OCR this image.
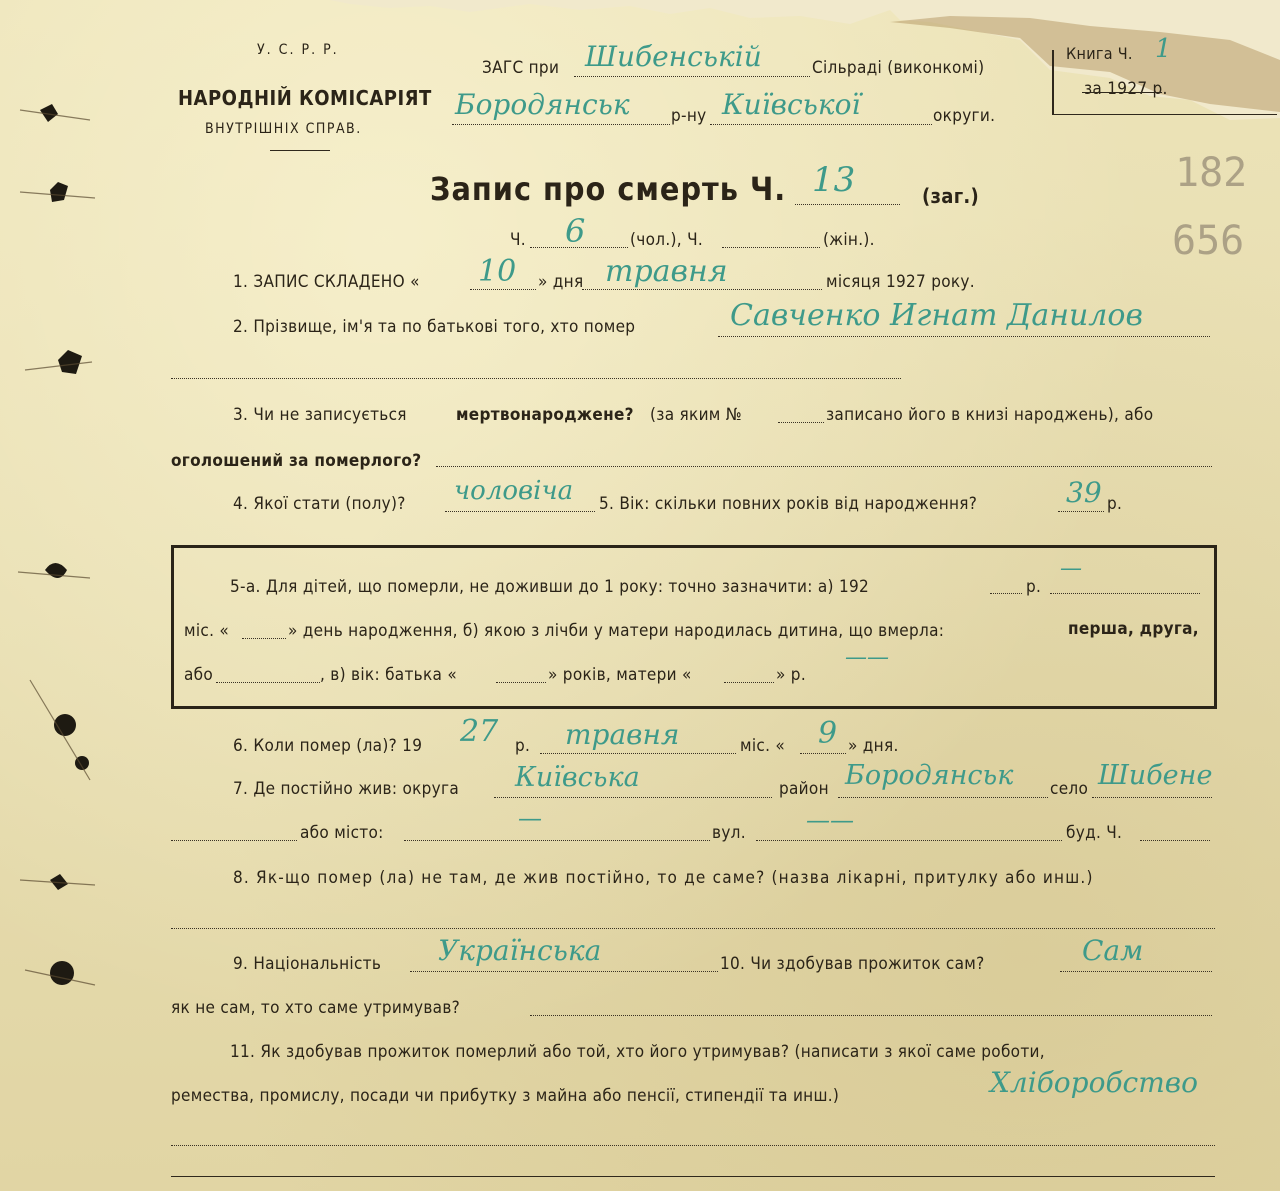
182
656
У. С. Р. Р.
НАРОДНІЙ КОМІСАРІЯТ
ВНУТРІШНІХ СПРАВ.
ЗАГС при Шибенській	Сільраді (виконкомі)
Бородянськ р-ну Київської	округи.
Книга Ч. 1
за 1927 р.
Запис про смерть Ч. 13	(заг.)
Ч. 6	(чол.), Ч.	(жін.).
1. ЗАПИС СКЛАДЕНО « 10 » дня травня	місяця 1927 року.
2. Прізвище, ім'я та по батькові того, хто помер	Савченко Игнат Данилов
3. Чи не записується	мертвонароджене? (за яким №	записано його в книзі народжень), або
оголошений за померлого?
4. Якої стати (полу)? чоловіча 5. Вік: скільки повних років від народження?	39 р.
5-а. Для дітей, що померли, не доживши до 1 року: точно зазначити: а) 192	р.
—
міс. «	» день народження, б) якою з лічби у матери народилась дитина, що вмерла:	перша, друга,
або	, в) вік: батька «	» років, матери «	» р.
——
6. Коли помер (ла)? 19 27 р. травня	міс. « 9 » дня.
7. Де постійно жив: округа Київська	район Бородянськ село Шибене
або місто:
—
вул.	——	буд. Ч.
8. Як-що помер (ла) не там, де жив постійно, то де саме? (назва лікарні, притулку або инш.)
9. Національність Українська	10. Чи здобував прожиток сам?	Сам
як не сам, то хто саме утримував?
11. Як здобував прожиток померлий або той, хто його утримував? (написати з якої саме роботи,
ремества, промислу, посади чи прибутку з майна або пенсії, стипендії та инш.)	Хліборобство
